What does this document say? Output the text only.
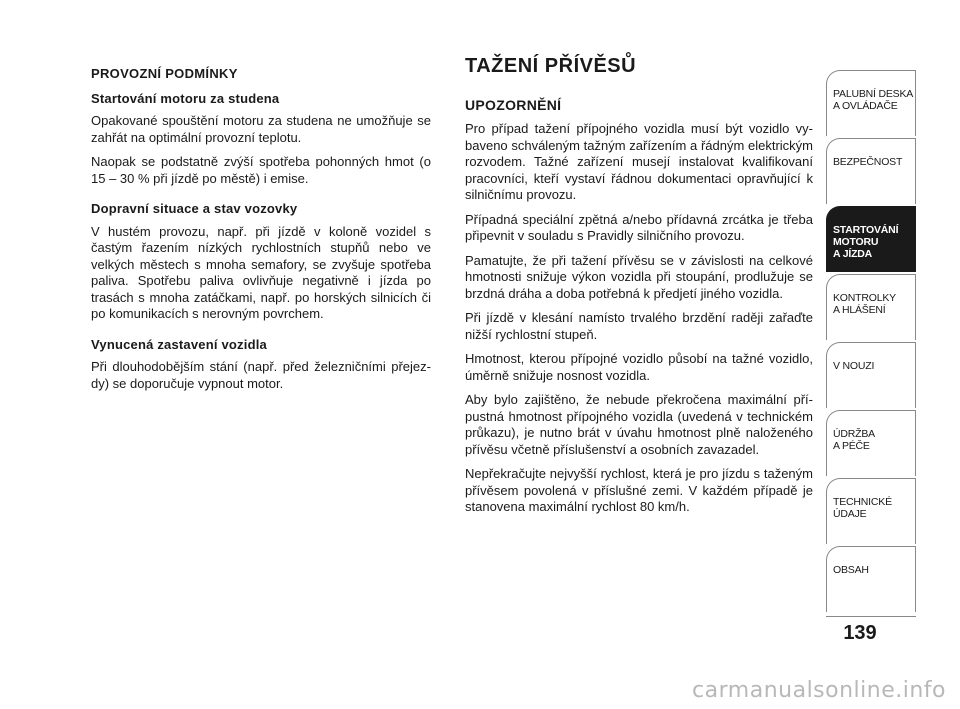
PROVOZNÍ PODMÍNKY
Startování motoru za studena

Opakované spouštění motoru za studena ne umožňuje se zahřát na optimální provozní teplotu.

Naopak se podstatně zvýší spotřeba pohonných hmot (o 15 – 30 % při jízdě po městě) i emise.

Dopravní situace a stav vozovky

V hustém provozu, např. při jízdě v koloně vozidel s častým řazením nízkých rychlostních stupňů nebo ve velkých městech s mnoha semafory, se zvyšuje spotřeba paliva. Spotřebu paliva ovlivňuje negativně i jízda po trasách s mnoha zatáčkami, např. po horských silnicích či po komunikacích s nerovným povrchem.

Vynucená zastavení vozidla

Při dlouhodobějším stání (např. před železničními přejezdy) se doporučuje vypnout motor.

TAŽENÍ PŘÍVĚSŮ
UPOZORNĚNÍ

Pro případ tažení přípojného vozidla musí být vozidlo vybaveno schváleným tažným zařízením a řádným elektrickým rozvodem. Tažné zařízení musejí instalovat kvalifikovaní pracovníci, kteří vystaví řádnou dokumentaci opravňující k silničnímu provozu.

Případná speciální zpětná a/nebo přídavná zrcátka je třeba připevnit v souladu s Pravidly silničního provozu.

Pamatujte, že při tažení přívěsu se v závislosti na celkové hmotnosti snižuje výkon vozidla při stoupání, prodlužuje se brzdná dráha a doba potřebná k předjetí jiného vozidla.

Při jízdě v klesání namísto trvalého brzdění raději zařaďte nižší rychlostní stupeň.

Hmotnost, kterou přípojné vozidlo působí na tažné vozidlo, úměrně snižuje nosnost vozidla.

Aby bylo zajištěno, že nebude překročena maximální přípustná hmotnost přípojného vozidla (uvedená v technickém průkazu), je nutno brát v úvahu hmotnost plně naloženého přívěsu včetně příslušenství a osobních zavazadel.

Nepřekračujte nejvyšší rychlost, která je pro jízdu s taženým přívěsem povolená v příslušné zemi. V každém případě je stanovena maximální rychlost 80 km/h.

PALUBNÍ DESKA
A OVLÁDAČE
BEZPEČNOST
STARTOVÁNÍ
MOTORU
A JÍZDA
KONTROLKY
A HLÁŠENÍ
V NOUZI
ÚDRŽBA
A PÉČE
TECHNICKÉ
ÚDAJE
OBSAH
139
carmanualsonline.info
